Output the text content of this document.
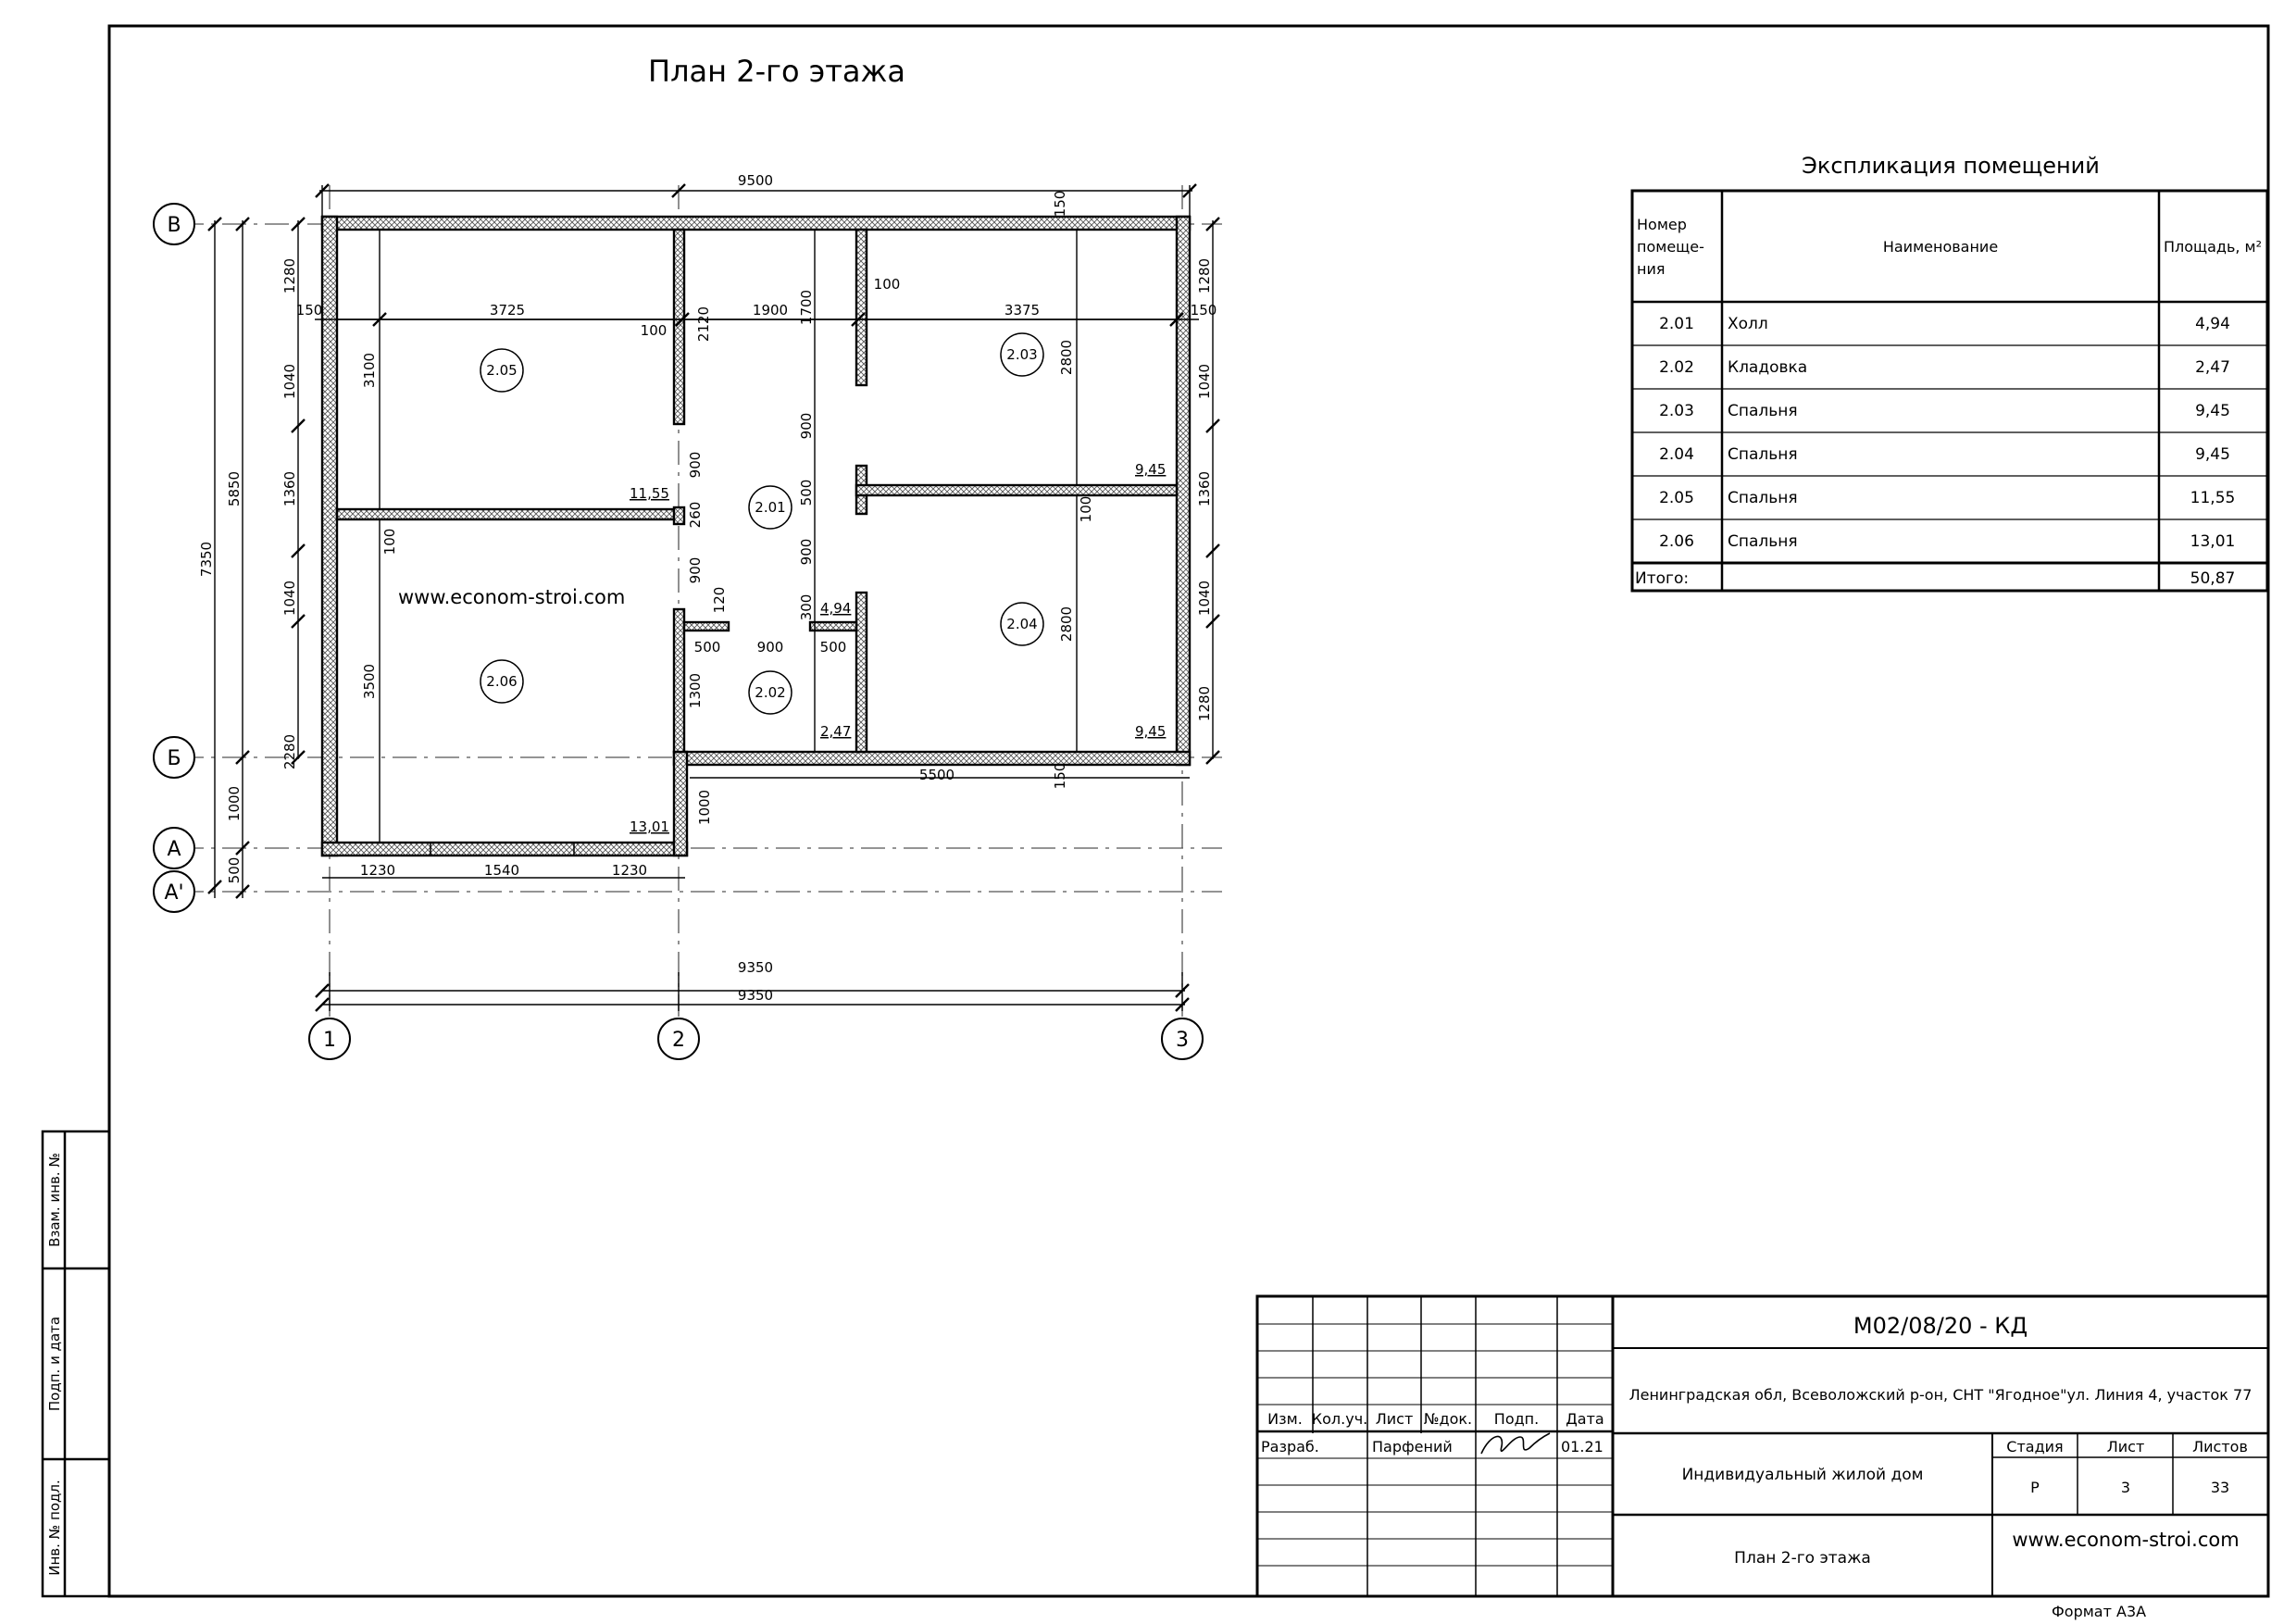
Взам. инв. №
Подп. и дата
Инв. № подл.
План 2-го этажа
В
Б
А
А'
1	2	3
2.05
2.03
2.01
2.04
2.06
2.02
11,55
9,45
4,94
9,45
13,01
2,47
www.econom-stroi.com
9500
150	150
3725	1900	3375
100
100
500	900	500
5500
1230	1540	1230
9350
9350
7350
5850
1000
500
1280
1040
1360
1040
2280
1280
1040
1360
1040
1280
3100
3500
2800
2800
2120	1700
100
100
900
900
500
260
900
900
120	300
1300
150
150
1000
Экспликация помещений
Номер
помеще-
ния
Наименование	Площадь, м²
2.01 Холл	4,94
2.02 Кладовка	2,47
2.03 Спальня	9,45
2.04 Спальня	9,45
2.05 Спальня	11,55
2.06 Спальня	13,01
Итого:	50,87
Изм. Кол.уч. Лист №док. Подп. Дата
Разраб.	Парфений	01.21
М02/08/20 - КД
Ленинградская обл, Всеволожский р-он, СНТ "Ягодное"ул. Линия 4, участок 77
Индивидуальный жилой дом
Стадия	Лист	Листов
Р	3	33
План 2-го этажа
www.econom-stroi.com
Формат А3А
